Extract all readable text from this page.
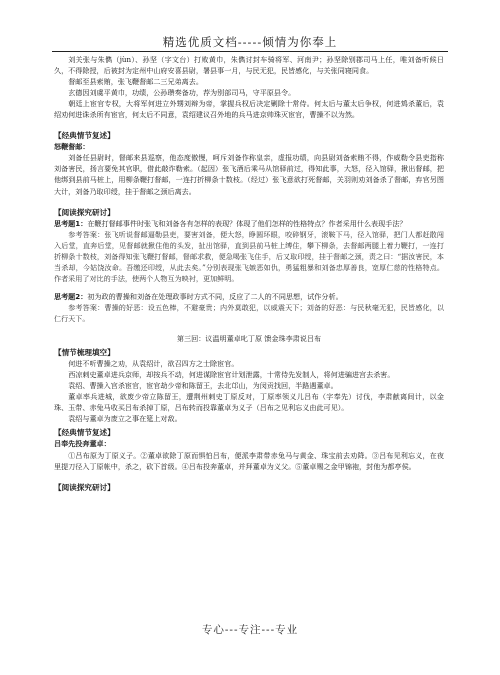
精选优质文档-----倾情为你奉上

刘关张与朱儁（jùn）、孙坚（字文台）打败黄巾，朱儁讨封车骑将军、河南尹；孙坚除别郡司马上任，唯刘备听候日久，不得除授，后被封为定州中山府安喜县尉，署县事一月，与民无犯，民皆感化，与关张同寝同食。

督邮至县索贿，张飞鞭督邮二三兄弟离去。

玄德因刘虞平黄巾，功绩，公孙瓒奏备功，荐为别部司马，守平原县令。

朝廷上宦官专权，大将军何进立外甥刘辩为帝，掌握兵权后决定剿除十常侍。何太后与董太后争权，何进鸩杀董后，袁绍劝何进诛杀所有宦官，何太后不同意，袁绍建议召外地的兵马进京帅珠灭宦官，曹操不以为然。

【经典情节复述】

怒鞭督邮：

刘备任县尉时，督邮来县巡察，他态度傲慢，呵斥刘备作称皇亲，虚报功绩，向县尉刘备索贿不得，作威勒令县吏指称刘备害民，扬言要免其官职，借此敲诈勒索。（起因）张飞酒后乘马从馆驿前过，得知此事，大怒，径入馆驿，揪出督邮，把他绑到县前马桩上，用柳条鞭打督邮，一连打折柳条十数枝。（经过）张飞意欲打死督邮，关羽则劝刘备杀了督邮，弃官另图大计，刘备乃取印绶，挂于督邮之颈后离去。

【阅读探究研讨】

思考题1：在鞭打督邮事件时张飞和刘备各有怎样的表现？体现了他们怎样的性格特点？作者采用什么表现手法？

参考答案：张飞听说督邮逼勒县吏，要害刘备，便大怒，睁圆环眼，咬碎钢牙，滚鞍下马，径入馆驿，把门人都赶散闯入后堂，直奔后堂，见督邮就揪住他的头发，扯出馆驿，直到县前马桩上缚住，攀下柳条，去督邮两腿上着力鞭打，一连打折柳条十数枝，刘备得知张飞鞭打督邮，督邮求救，便急喝张飞住手，后又取印绶，挂于督邮之颈，责之曰：“据汝害民，本当杀却，今姑饶汝命。吾缴还印绶，从此去矣。”分别表现张飞嫉恶如仇，勇猛粗暴和刘备忠厚善良，宽厚仁慈的性格特点。作者采用了对比的手法，使两个人物互为映衬，更加鲜明。

思考题2：初为政的曹操和刘备在处理政事时方式不同，反应了二人的不同思想，试作分析。

参考答案：曹操的好恶：设五色棒，不避豪贵；内外莫敢犯，以威震天下；刘备的好恶：与民秋毫无犯，民皆感化，以仁行天下。

第三回：议温明董卓叱丁原 馈金珠李肃说吕布

【情节梳理填空】

何进不听曹操之劝，从袁绍计，欲召四方之士除宦官。

西凉刺史董卓进兵京师，却按兵不动，何进谋除宦官计划泄露，十常侍先发制人，将何进骗进宫去杀害。

袁绍、曹操入宫杀宦官，宦官劫少帝和陈留王，去北邙山，为闵贡找回，半路遇董卓。

董卓率兵进城，欲废少帝立陈留王，遭荆州刺史丁原反对，丁原率领义儿吕布（字奉先）讨伐，李肃献离间计，以金珠、玉带、赤兔马收买吕布杀掉丁原，吕布转而投靠董卓为义子（吕布之见利忘义由此可见）。

袁绍与董卓为废立之事在筵上对敌。

【经典情节复述】

吕奉先投奔董卓：

①吕布原为丁原义子。②董卓欲除丁原而惧怕吕布，便派李肃带赤兔马与黄金、珠宝前去劝降。③吕布见利忘义，在夜里提刀径入丁原帐中，杀之，砍下首级。④吕布投奔董卓，并拜董卓为义父。⑤董卓赐之金甲锦袍，封他为都亭侯。

【阅读探究研讨】

专心---专注---专业
